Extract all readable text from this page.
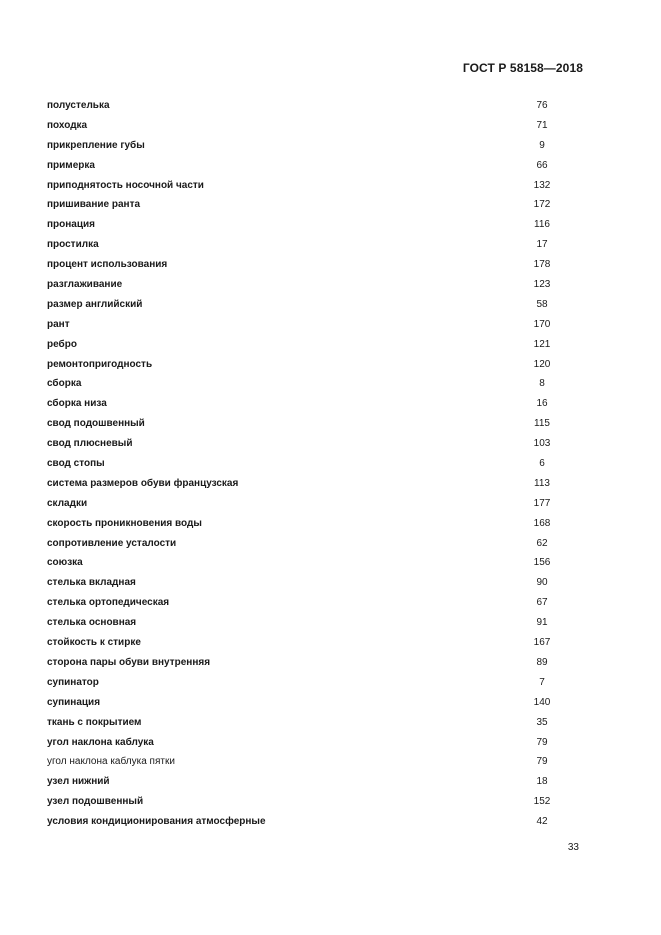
ГОСТ Р 58158—2018
полустелька	76
походка	71
прикрепление губы	9
примерка	66
приподнятость носочной части	132
пришивание ранта	172
пронация	116
простилка	17
процент использования	178
разглаживание	123
размер английский	58
рант	170
ребро	121
ремонтопригодность	120
сборка	8
сборка низа	16
свод подошвенный	115
свод плюсневый	103
свод стопы	6
система размеров обуви французская	113
складки	177
скорость проникновения воды	168
сопротивление усталости	62
союзка	156
стелька вкладная	90
стелька ортопедическая	67
стелька основная	91
стойкость к стирке	167
сторона пары обуви внутренняя	89
супинатор	7
супинация	140
ткань с покрытием	35
угол наклона каблука	79
угол наклона каблука пятки	79
узел нижний	18
узел подошвенный	152
условия кондиционирования атмосферные	42
33
